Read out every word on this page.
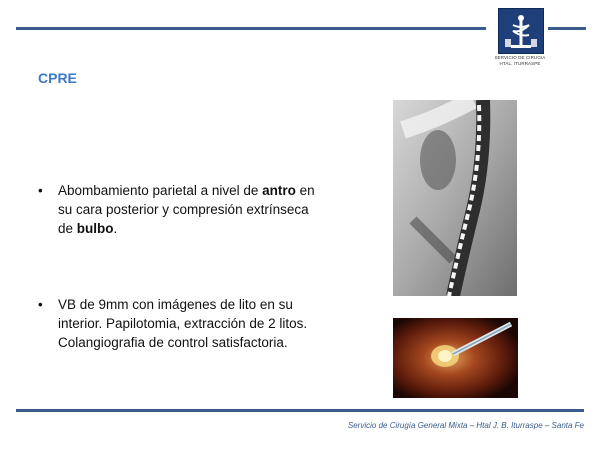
SERVICIO DE CIRUGIA
HTAL. ITURRASPE
CPRE
•	Abombamiento parietal a nivel de antro en su cara posterior y compresión extrínseca de bulbo.
•	VB de 9mm con imágenes de lito en su interior. Papilotomia, extracción de 2 litos. Colangiografia de control satisfactoria.
Servicio de Cirugía General Mixta – Htal J. B. Iturraspe – Santa Fe
